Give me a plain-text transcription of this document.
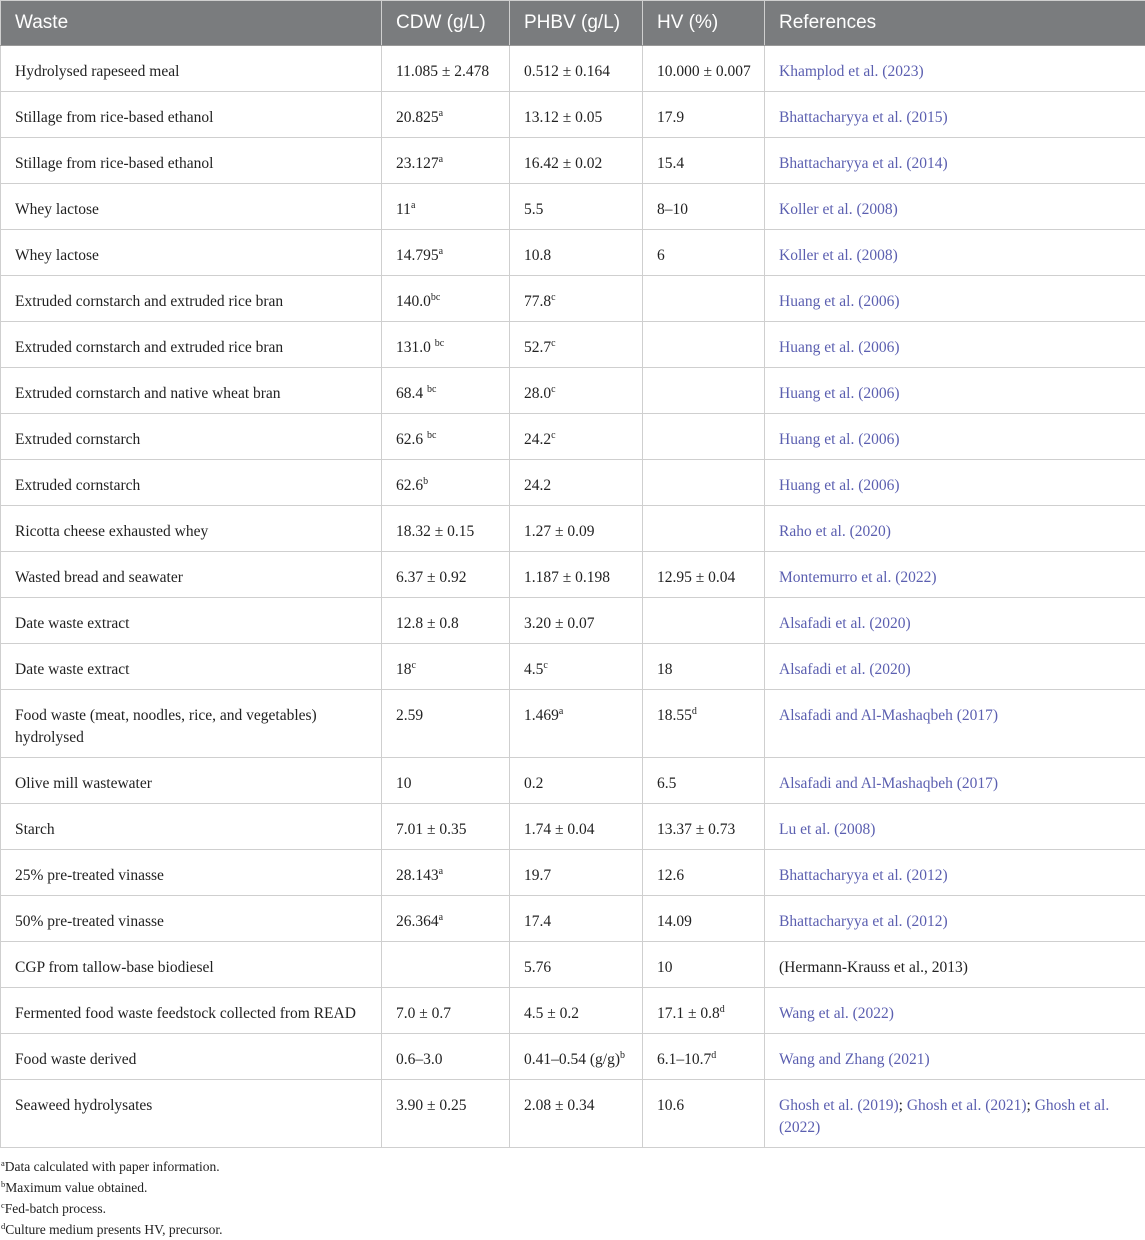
Waste	CDW (g/L)	PHBV (g/L)	HV (%)	References
Hydrolysed rapeseed meal	11.085 ± 2.478	0.512 ± 0.164	10.000 ± 0.007	Khamplod et al. (2023)
Stillage from rice-based ethanol	20.825$^a$	13.12 ± 0.05	17.9	Bhattacharyya et al. (2015)
Stillage from rice-based ethanol	23.127$^a$	16.42 ± 0.02	15.4	Bhattacharyya et al. (2014)
Whey lactose	11$^a$	5.5	8–10	Koller et al. (2008)
Whey lactose	14.795$^a$	10.8	6	Koller et al. (2008)
Extruded cornstarch and extruded rice bran	140.0$^{bc}$	77.8$^c$		Huang et al. (2006)
Extruded cornstarch and extruded rice bran	131.0 $^{bc}$	52.7$^c$		Huang et al. (2006)
Extruded cornstarch and native wheat bran	68.4 $^{bc}$	28.0$^c$		Huang et al. (2006)
Extruded cornstarch	62.6 $^{bc}$	24.2$^c$		Huang et al. (2006)
Extruded cornstarch	62.6$^b$	24.2		Huang et al. (2006)
Ricotta cheese exhausted whey	18.32 ± 0.15	1.27 ± 0.09		Raho et al. (2020)
Wasted bread and seawater	6.37 ± 0.92	1.187 ± 0.198	12.95 ± 0.04	Montemurro et al. (2022)
Date waste extract	12.8 ± 0.8	3.20 ± 0.07		Alsafadi et al. (2020)
Date waste extract	18$^c$	4.5$^c$	18	Alsafadi et al. (2020)
Food waste (meat, noodles, rice, and vegetables) hydrolysed	2.59	1.469$^a$	18.55$^d$	Alsafadi and Al-Mashaqbeh (2017)
Olive mill wastewater	10	0.2	6.5	Alsafadi and Al-Mashaqbeh (2017)
Starch	7.01 ± 0.35	1.74 ± 0.04	13.37 ± 0.73	Lu et al. (2008)
25% pre-treated vinasse	28.143$^a$	19.7	12.6	Bhattacharyya et al. (2012)
50% pre-treated vinasse	26.364$^a$	17.4	14.09	Bhattacharyya et al. (2012)
CGP from tallow-base biodiesel		5.76	10	(Hermann-Krauss et al., 2013)
Fermented food waste feedstock collected from READ	7.0 ± 0.7	4.5 ± 0.2	17.1 ± 0.8$^d$	Wang et al. (2022)
Food waste derived	0.6–3.0	0.41–0.54 $(g/g)^b$	6.1–10.7$^d$	Wang and Zhang (2021)
Seaweed hydrolysates	3.90 ± 0.25	2.08 ± 0.34	10.6	Ghosh et al. (2019); Ghosh et al. (2021); Ghosh et al. (2022)
$^a$Data calculated with paper information.
$^b$Maximum value obtained.
$^c$Fed-batch process.
$^d$Culture medium presents HV, precursor.
